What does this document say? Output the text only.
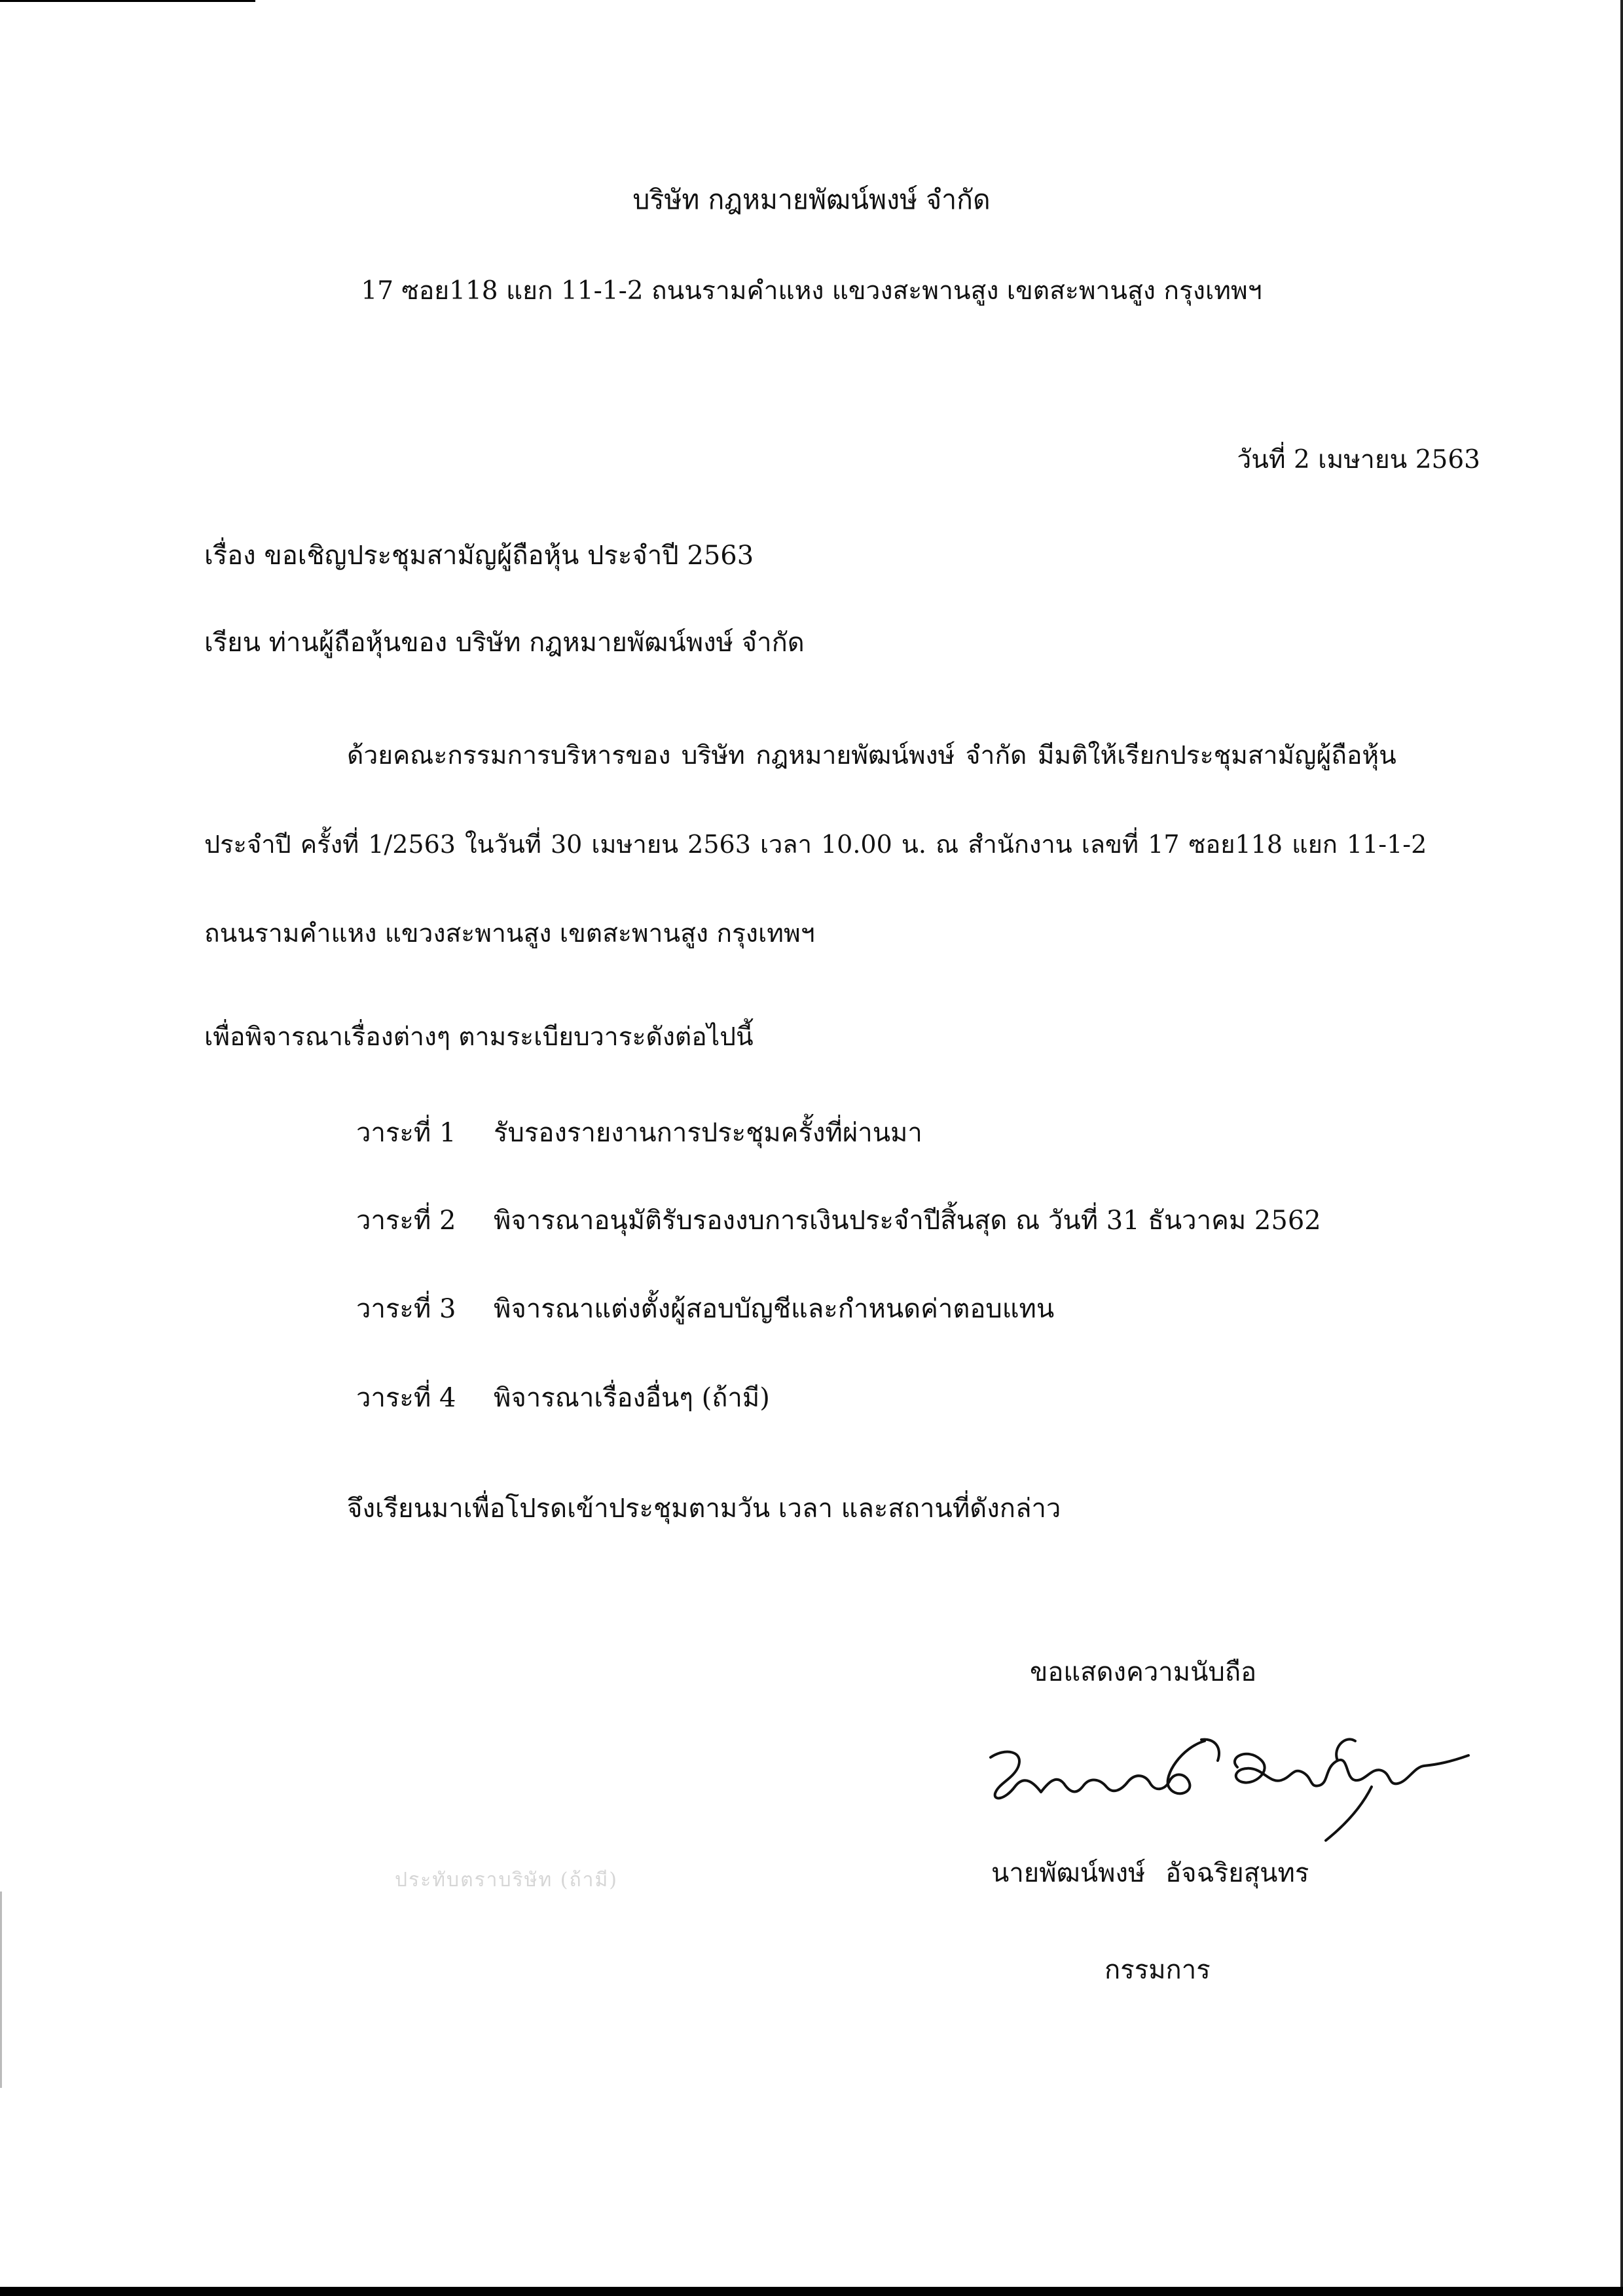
บริษัท กฎหมายพัฒน์พงษ์ จำกัด
17 ซอย118 แยก 11-1-2 ถนนรามคำแหง แขวงสะพานสูง เขตสะพานสูง กรุงเทพฯ
วันที่ 2 เมษายน 2563
เรื่อง ขอเชิญประชุมสามัญผู้ถือหุ้น ประจำปี 2563
เรียน ท่านผู้ถือหุ้นของ บริษัท กฎหมายพัฒน์พงษ์ จำกัด
ด้วยคณะกรรมการบริหารของ บริษัท กฎหมายพัฒน์พงษ์ จำกัด มีมติให้เรียกประชุมสามัญผู้ถือหุ้น
ประจำปี ครั้งที่ 1/2563 ในวันที่ 30 เมษายน 2563 เวลา 10.00 น. ณ สำนักงาน เลขที่ 17 ซอย118 แยก 11-1-2
ถนนรามคำแหง แขวงสะพานสูง เขตสะพานสูง กรุงเทพฯ
เพื่อพิจารณาเรื่องต่างๆ ตามระเบียบวาระดังต่อไปนี้
วาระที่ 1 รับรองรายงานการประชุมครั้งที่ผ่านมา
วาระที่ 2 พิจารณาอนุมัติรับรองงบการเงินประจำปีสิ้นสุด ณ วันที่ 31 ธันวาคม 2562
วาระที่ 3 พิจารณาแต่งตั้งผู้สอบบัญชีและกำหนดค่าตอบแทน
วาระที่ 4 พิจารณาเรื่องอื่นๆ (ถ้ามี)
จึงเรียนมาเพื่อโปรดเข้าประชุมตามวัน เวลา และสถานที่ดังกล่าว
ขอแสดงความนับถือ
ประทับตราบริษัท (ถ้ามี)	นายพัฒน์พงษ์ อัจฉริยสุนทร
กรรมการ
